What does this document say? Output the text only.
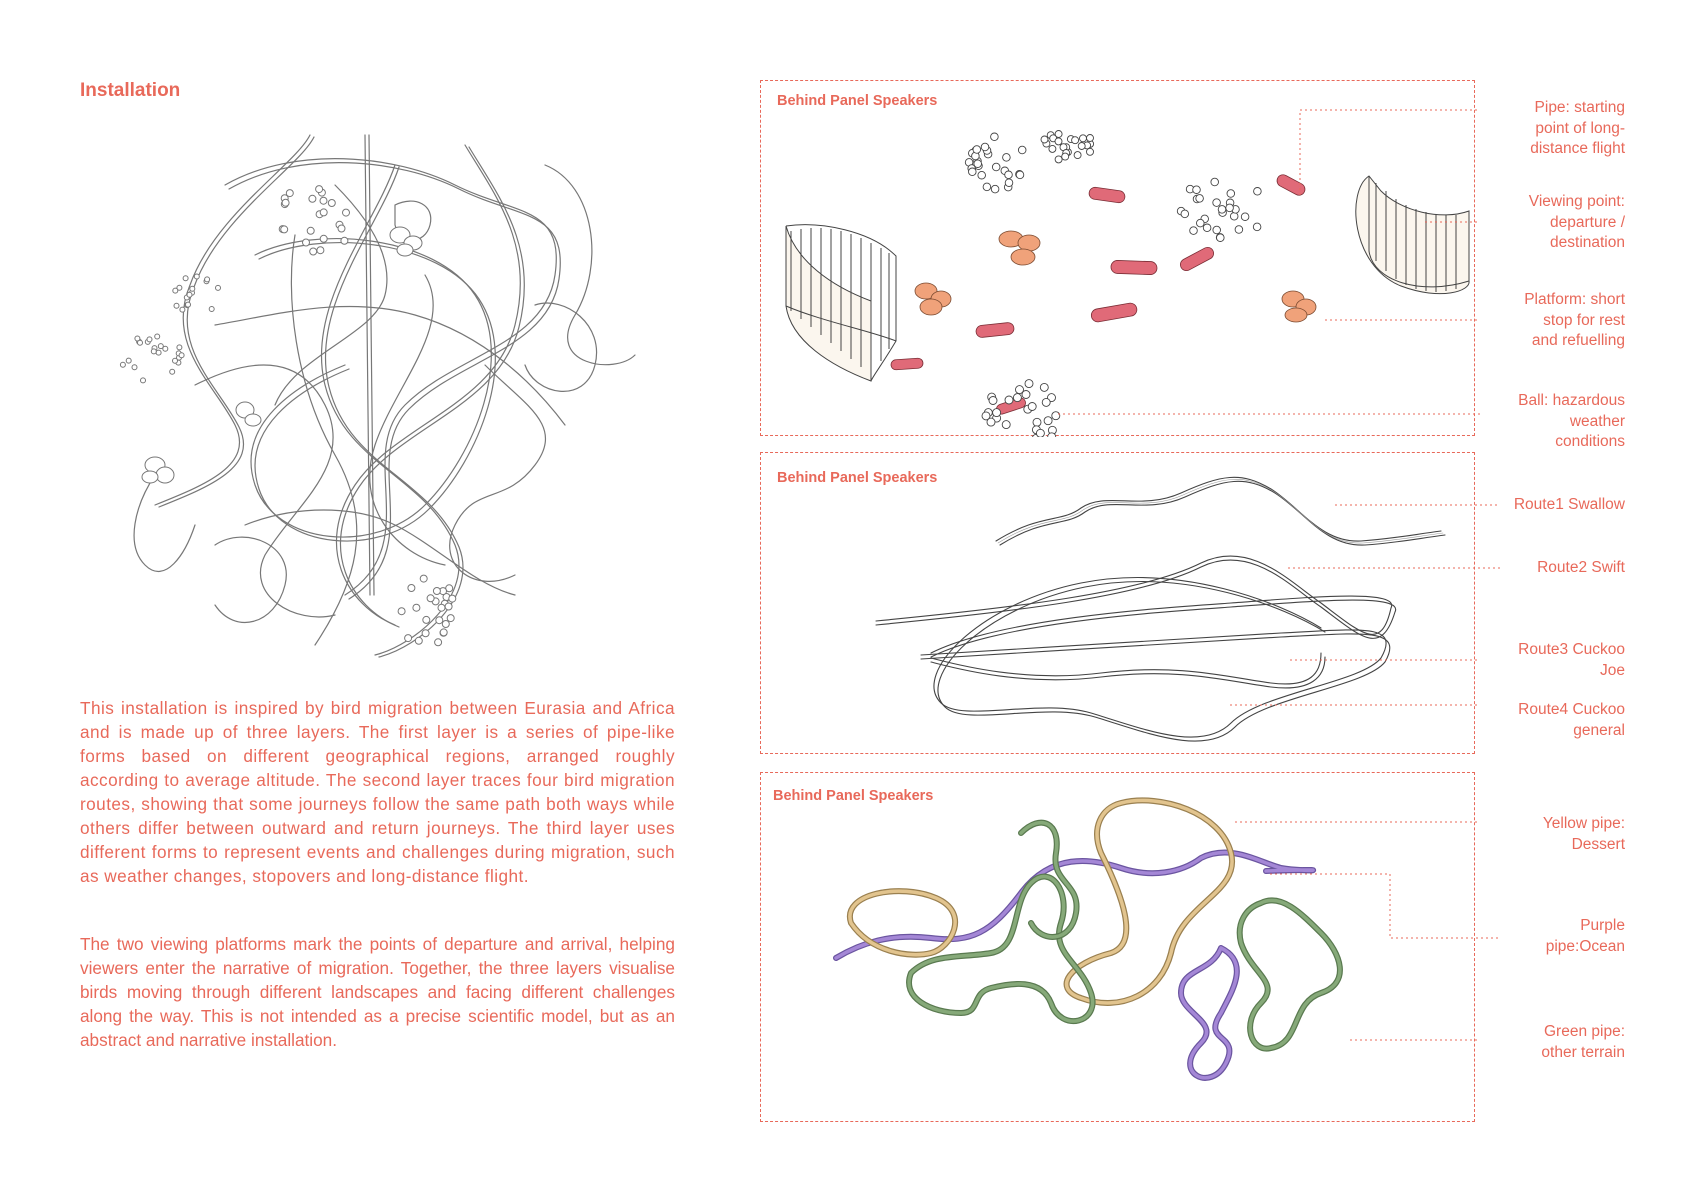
Installation

This installation is inspired by bird migration between Eurasia and Africa and is made up of three layers. The first layer is a series of pipe-like forms based on different geographical regions, arranged roughly according to average altitude. The second layer traces four bird migration routes, showing that some journeys follow the same path both ways while others differ between outward and return journeys. The third layer uses different forms to represent events and challenges during migration, such as weather changes, stopovers and long-distance flight.

The two viewing platforms mark the points of departure and arrival, helping viewers enter the narrative of migration. Together, the three layers visualise birds moving through different landscapes and facing different challenges along the way. This is not intended as a precise scientific model, but as an abstract and narrative installation.

Behind Panel Speakers
Behind Panel Speakers
Behind Panel Speakers
Pipe: starting
point of long-
distance flight
Viewing point:
departure /
destination
Platform: short
stop for rest
and refuelling
Ball: hazardous
weather
conditions
Route1 Swallow
Route2 Swift
Route3 Cuckoo
Joe
Route4 Cuckoo
general
Yellow pipe:
Dessert
Purple
pipe:Ocean
Green pipe:
other terrain
